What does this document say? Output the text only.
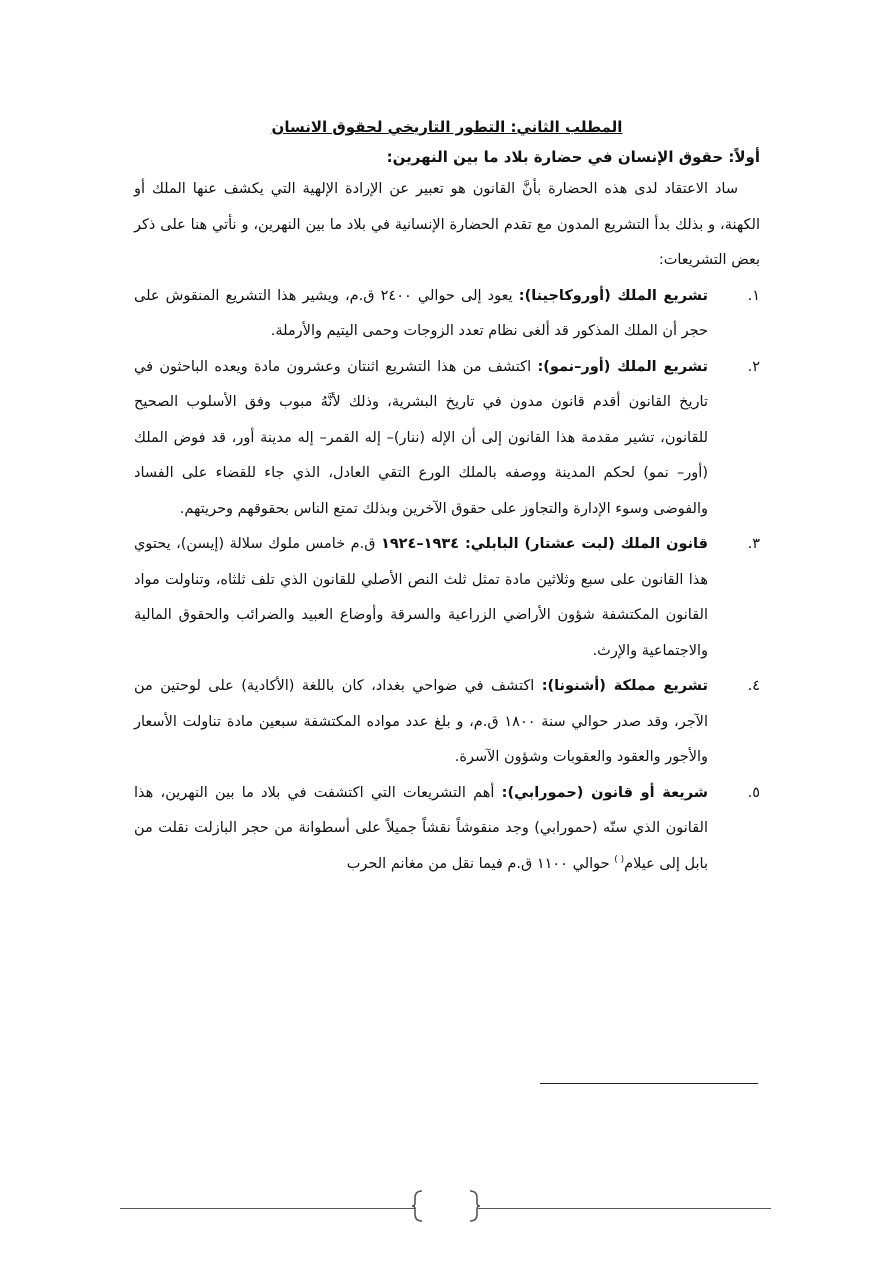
المطلب الثاني: التطور التاريخي لحقوق الانسان

أولاً: حقوق الإنسان في حضارة بلاد ما بين النهرين:

ساد الاعتقاد لدى هذه الحضارة بأنَّ القانون هو تعبير عن الإرادة الإلهية التي يكشف عنها الملك أو الكهنة، و بذلك بدأ التشريع المدون مع تقدم الحضارة الإنسانية في بلاد ما بين النهرين، و نأتي هنا على ذكر بعض التشريعات:

١.

تشريع الملك (أوروكاجينا): يعود إلى حوالي ٢٤٠٠ ق.م، ويشير هذا التشريع المنقوش على حجر أن الملك المذكور قد ألغى نظام تعدد الزوجات وحمى اليتيم والأرملة.

٢.

تشريع الملك (أور–نمو): اكتشف من هذا التشريع اثنتان وعشرون مادة ويعده الباحثون في تاريخ القانون أقدم قانون مدون في تاريخ البشرية، وذلك لأنَّهُ مبوب وفق الأسلوب الصحيح للقانون، تشير مقدمة هذا القانون إلى أن الإله (ننار)– إله القمر– إله مدينة أور، قد فوض الملك (أور– نمو) لحكم المدينة ووصفه بالملك الورع التقي العادل، الذي جاء للقضاء على الفساد والفوضى وسوء الإدارة والتجاوز على حقوق الآخرين وبذلك تمتع الناس بحقوقهم وحريتهم.

٣.

قانون الملك (لبت عشتار) البابلي: ١٩٣٤–١٩٢٤ ق.م خامس ملوك سلالة (إيسن)، يحتوي هذا القانون على سبع وثلاثين مادة تمثل ثلث النص الأصلي للقانون الذي تلف ثلثاه، وتناولت مواد القانون المكتشفة شؤون الأراضي الزراعية والسرقة وأوضاع العبيد والضرائب والحقوق المالية والاجتماعية والإرث.

٤.

تشريع مملكة (أشنونا): اكتشف في ضواحي بغداد، كان باللغة (الأكادية) على لوحتين من الآجر، وقد صدر حوالي سنة ١٨٠٠ ق.م، و بلغ عدد مواده المكتشفة سبعين مادة تناولت الأسعار والأجور والعقود والعقوبات وشؤون الآسرة.

٥.

شريعة أو قانون (حمورابي): أهم التشريعات التي اكتشفت في بلاد ما بين النهرين، هذا القانون الذي سنّه (حمورابي) وجد منقوشاً نقشاً جميلاً على أسطوانة من حجر البازلت نقلت من بابل إلى عيلام( ) حوالي ١١٠٠ ق.م فيما نقل من مغانم الحرب
